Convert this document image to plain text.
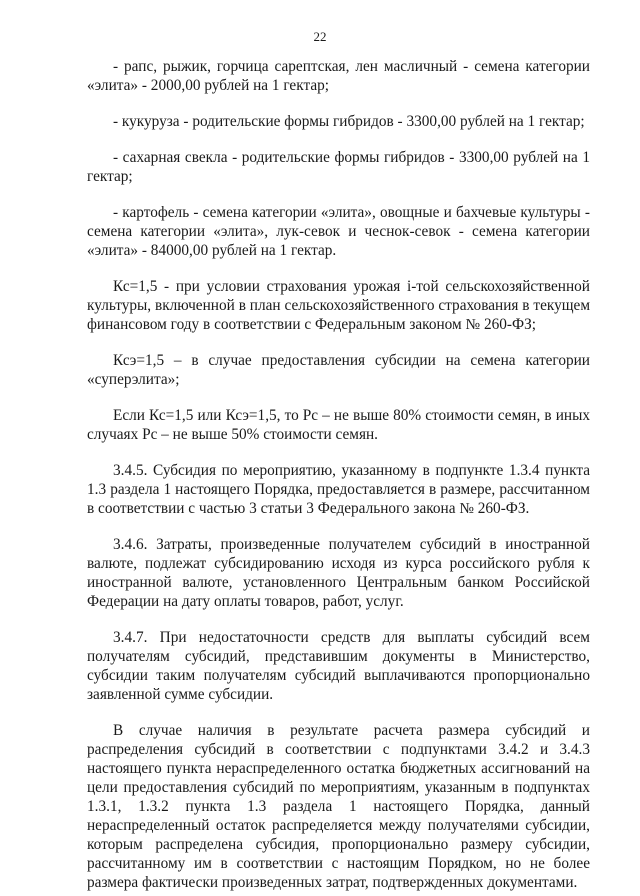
22

- рапс, рыжик, горчица сарептская, лен масличный - семена категории «элита» - 2000,00 рублей на 1 гектар;

- кукуруза - родительские формы гибридов - 3300,00 рублей на 1 гектар;

- сахарная свекла - родительские формы гибридов - 3300,00 рублей на 1 гектар;

- картофель - семена категории «элита», овощные и бахчевые культуры - семена категории «элита», лук-севок и чеснок-севок - семена категории «элита» - 84000,00 рублей на 1 гектар.

Кс=1,5 - при условии страхования урожая i-той сельскохозяйственной культуры, включенной в план сельскохозяйственного страхования в текущем финансовом году в соответствии с Федеральным законом № 260-ФЗ;

Ксэ=1,5 – в случае предоставления субсидии на семена категории «суперэлита»;

Если Кс=1,5 или Ксэ=1,5, то Рс – не выше 80% стоимости семян, в иных случаях Рс – не выше 50% стоимости семян.

3.4.5. Субсидия по мероприятию, указанному в подпункте 1.3.4 пункта 1.3 раздела 1 настоящего Порядка, предоставляется в размере, рассчитанном в соответствии с частью 3 статьи 3 Федерального закона № 260-ФЗ.

3.4.6. Затраты, произведенные получателем субсидий в иностранной валюте, подлежат субсидированию исходя из курса российского рубля к иностранной валюте, установленного Центральным банком Российской Федерации на дату оплаты товаров, работ, услуг.

3.4.7. При недостаточности средств для выплаты субсидий всем получателям субсидий, представившим документы в Министерство, субсидии таким получателям субсидий выплачиваются пропорционально заявленной сумме субсидии.

В случае наличия в результате расчета размера субсидий и распределения субсидий в соответствии с подпунктами 3.4.2 и 3.4.3 настоящего пункта нераспределенного остатка бюджетных ассигнований на цели предоставления субсидий по мероприятиям, указанным в подпунктах 1.3.1, 1.3.2 пункта 1.3 раздела 1 настоящего Порядка, данный нераспределенный остаток распределяется между получателями субсидии, которым распределена субсидия, пропорционально размеру субсидии, рассчитанному им в соответствии с настоящим Порядком, но не более размера фактически произведенных затрат, подтвержденных документами.
